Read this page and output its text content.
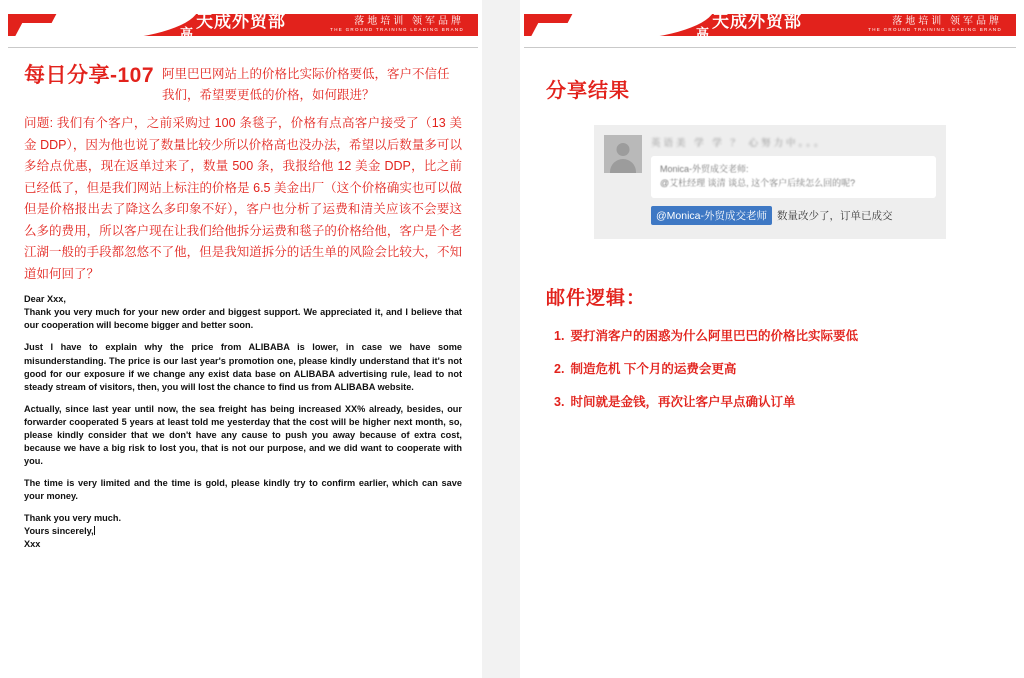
高
天成外贸部
TIANCHENGWAIMAOBU
落地培训 领军品牌
THE GROUND TRAINING LEADING BRAND
每日分享-107 阿里巴巴网站上的价格比实际价格要低，客户不信任我们，希望要更低的价格，如何跟进？
问题: 我们有个客户，之前采购过 100 条毯子，价格有点高客户接受了（13 美金 DDP），因为他也说了数量比较少所以价格高也没办法，希望以后数量多可以多给点优惠，现在返单过来了，数量 500 条，我报给他 12 美金 DDP，比之前已经低了，但是我们网站上标注的价格是 6.5 美金出厂（这个价格确实也可以做但是价格报出去了降这么多印象不好），客户也分析了运费和清关应该不会要这么多的费用，所以客户现在让我们给他拆分运费和毯子的价格给他，客户是个老江湖一般的手段都忽悠不了他，但是我知道拆分的话生单的风险会比较大，不知道如何回了？

Dear Xxx,

Thank you very much for your new order and biggest support. We appreciated it, and I believe that our cooperation will become bigger and better soon.

Just I have to explain why the price from ALIBABA is lower, in case we have some misunderstanding. The price is our last year's promotion one, please kindly understand that it's not good for our exposure if we change any exist data base on ALIBABA advertising rule, lead to not steady stream of visitors, then, you will lost the chance to find us from ALIBABA website.

Actually, since last year until now, the sea freight has being increased XX% already, besides, our forwarder cooperated 5 years at least told me yesterday that the cost will be higher next month, so, please kindly consider that we don't have any cause to push you away because of extra cost, because we have a big risk to lost you, that is not our purpose, and we did want to cooperate with you.

The time is very limited and the time is gold, please kindly try to confirm earlier, which can save your money.

Thank you very much.

Yours sincerely,

Xxx

高
天成外贸部
TIANCHENGWAIMAOBU
落地培训 领军品牌
THE GROUND TRAINING LEADING BRAND
分享结果
英语美 学 学 ？ 心努力中。。。
Monica-外贸成交老师:
@艾杜经理 谈清 谈总, 这个客户后续怎么回的呢?
@Monica-外贸成交老师 数量改少了，订单已成交
邮件逻辑：
1. 要打消客户的困惑为什么阿里巴巴的价格比实际要低
2. 制造危机 下个月的运费会更高
3. 时间就是金钱，再次让客户早点确认订单
